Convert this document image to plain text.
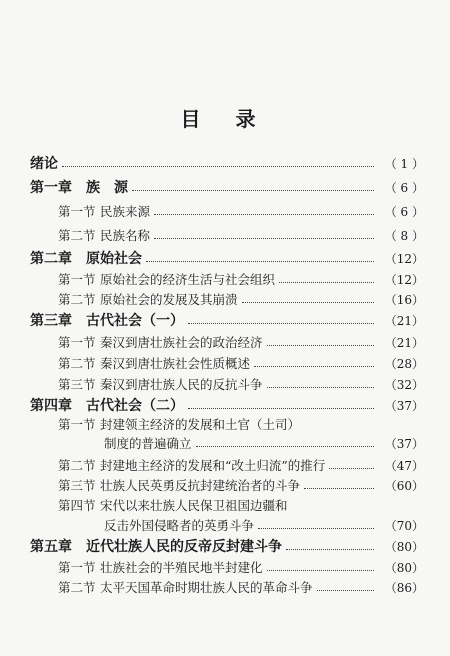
目 录
绪论	（ 1 ）
第一章　族　源	（ 6 ）
第一节 民族来源	（ 6 ）
第二节 民族名称	（ 8 ）
第二章　原始社会	（12）
第一节 原始社会的经济生活与社会组织	（12）
第二节 原始社会的发展及其崩溃	（16）
第三章　古代社会（一）	（21）
第一节 秦汉到唐壮族社会的政治经济	（21）
第二节 秦汉到唐壮族社会性质概述	（28）
第三节 秦汉到唐壮族人民的反抗斗争	（32）
第四章　古代社会（二）	（37）
第一节 封建领主经济的发展和土官（土司）
制度的普遍确立	（37）
第二节 封建地主经济的发展和“改土归流”的推行	（47）
第三节 壮族人民英勇反抗封建统治者的斗争	（60）
第四节 宋代以来壮族人民保卫祖国边疆和
反击外国侵略者的英勇斗争	（70）
第五章　近代壮族人民的反帝反封建斗争	（80）
第一节 壮族社会的半殖民地半封建化	（80）
第二节 太平天国革命时期壮族人民的革命斗争	（86）
